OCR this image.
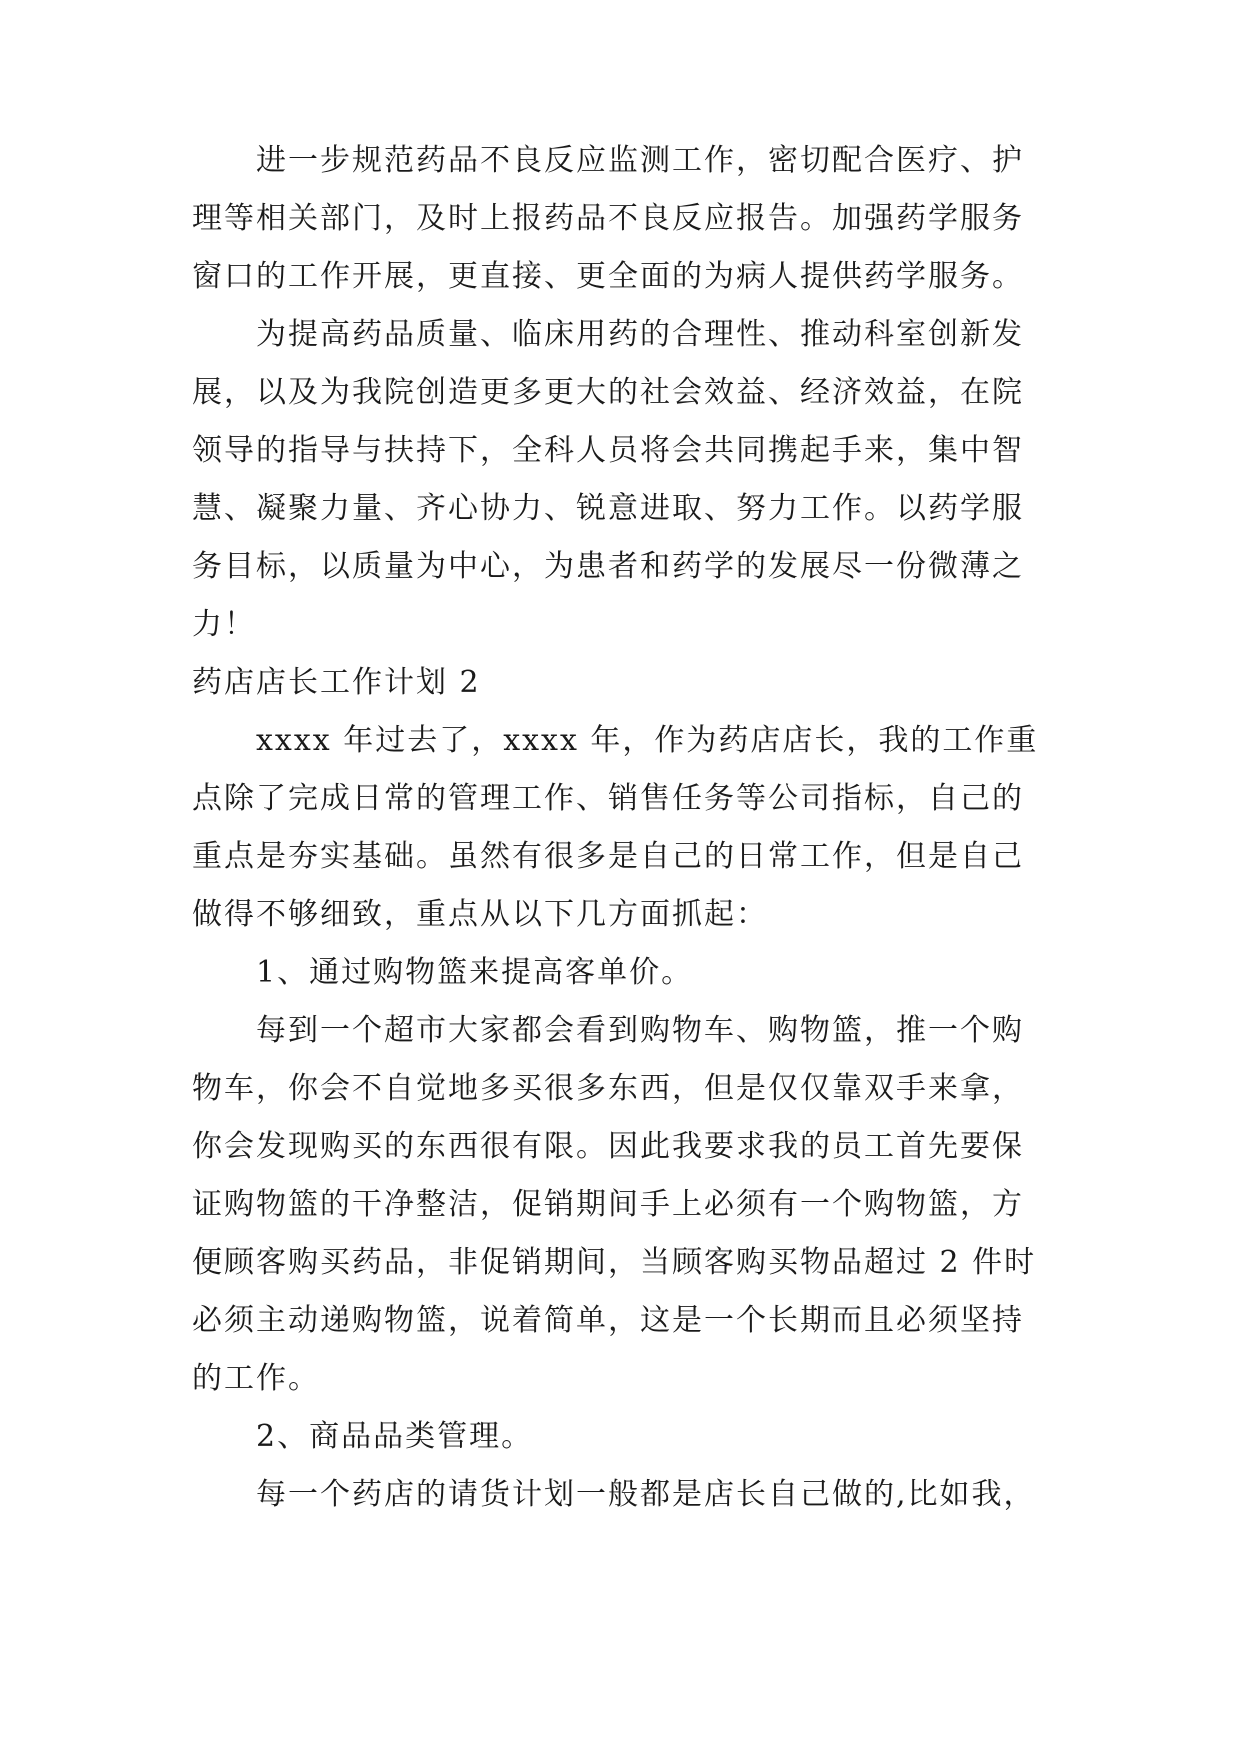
进一步规范药品不良反应监测工作，密切配合医疗、护
理等相关部门，及时上报药品不良反应报告。加强药学服务
窗口的工作开展，更直接、更全面的为病人提供药学服务。
为提高药品质量、临床用药的合理性、推动科室创新发
展，以及为我院创造更多更大的社会效益、经济效益，在院
领导的指导与扶持下，全科人员将会共同携起手来，集中智
慧、凝聚力量、齐心协力、锐意进取、努力工作。以药学服
务目标，以质量为中心，为患者和药学的发展尽一份微薄之
力！
药店店长工作计划 2
xxxx 年过去了，xxxx 年，作为药店店长，我的工作重
点除了完成日常的管理工作、销售任务等公司指标，自己的
重点是夯实基础。虽然有很多是自己的日常工作，但是自己
做得不够细致，重点从以下几方面抓起：
1、通过购物篮来提高客单价。
每到一个超市大家都会看到购物车、购物篮，推一个购
物车，你会不自觉地多买很多东西，但是仅仅靠双手来拿，
你会发现购买的东西很有限。因此我要求我的员工首先要保
证购物篮的干净整洁，促销期间手上必须有一个购物篮，方
便顾客购买药品，非促销期间，当顾客购买物品超过 2 件时
必须主动递购物篮，说着简单，这是一个长期而且必须坚持
的工作。
2、商品品类管理。
每一个药店的请货计划一般都是店长自己做的,比如我，
